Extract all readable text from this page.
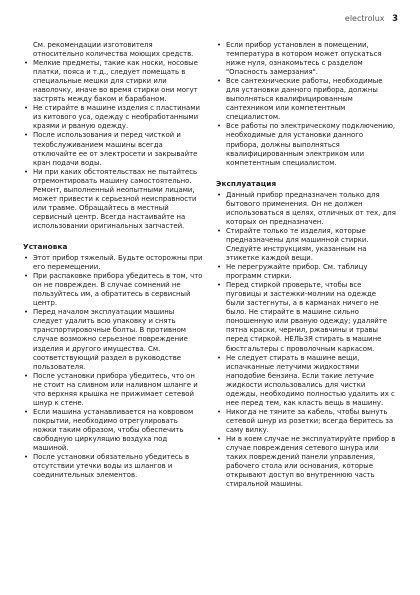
electrolux 3

См. рекомендации изготовителя относительно количества моющих средств.

• Мелкие предметы, такие как носки, носовые платки, пояса и т.д., следует помещать в специальные мешки для стирки или наволочку, иначе во время стирки они могут застрять между баком и барабаном.
• Не стирайте в машине изделия с пластинами из китового уса, одежду с необработанными краями и рваную одежду.
• После использования и перед чисткой и техобслуживанием машины всегда отключайте ее от электросети и закрывайте кран подачи воды.
• Ни при каких обстоятельствах не пытайтесь отремонтировать машину самостоятельно. Ремонт, выполненный неопытными лицами, может привести к серьезной неисправности или травме. Обращайтесь в местный сервисный центр. Всегда настаивайте на использовании оригинальных запчастей.
Установка
• Этот прибор тяжелый. Будьте осторожны при его перемещении.
• При распаковке прибора убедитесь в том, что он не поврежден. В случае сомнений не пользуйтесь им, а обратитесь в сервисный центр.
• Перед началом эксплуатации машины следует удалить всю упаковку и снять транспортировочные болты. В противном случае возможно серьезное повреждение изделия и другого имущества. См. соответствующий раздел в руководстве пользователя.
• После установки прибора убедитесь, что он не стоит на сливном или наливном шланге и что верхняя крышка не прижимает сетевой шнур к стене.
• Если машина устанавливается на ковровом покрытии, необходимо отрегулировать ножки таким образом, чтобы обеспечить свободную циркуляцию воздуха под машиной.
• После установки обязательно убедитесь в отсутствии утечки воды из шлангов и соединительных элементов.
• Если прибор установлен в помещении, температура в котором может опускаться ниже нуля, ознакомьтесь с разделом "Опасность замерзания".
• Все сантехнические работы, необходимые для установки данного прибора, должны выполняться квалифицированным сантехником или компетентным специалистом.
• Все работы по электрическому подключению, необходимые для установки данного прибора, должны выполняться квалифицированным электриком или компетентным специалистом.
Эксплуатация
• Данный прибор предназначен только для бытового применения. Он не должен использоваться в целях, отличных от тех, для которых он предназначен.
• Стирайте только те изделия, которые предназначены для машинной стирки. Следуйте инструкциям, указанным на этикетке каждой вещи.
• Не перегружайте прибор. См. таблицу программ стирки.
• Перед стиркой проверьте, чтобы все пуговицы и застежки-молнии на одежде были застегнуты, а в карманах ничего не было. Не стирайте в машине сильно поношенную или рваную одежду; удаляйте пятна краски, чернил, ржавчины и травы перед стиркой. НЕЛЬЗЯ стирать в машине бюстгальтеры с проволочным каркасом.
• Не следует стирать в машине вещи, испачканные летучими жидкостями наподобие бензина. Если такие летучие жидкости использовались для чистки одежды, необходимо полностью удалить их с нее перед тем, как класть вещь в машину.
• Никогда не тяните за кабель, чтобы вынуть сетевой шнур из розетки; всегда беритесь за саму вилку.
• Ни в коем случае не эксплуатируйте прибор в случае повреждения сетевого шнура или таких повреждений панели управления, рабочего стола или основания, которые открывают доступ во внутреннюю часть стиральной машины.
